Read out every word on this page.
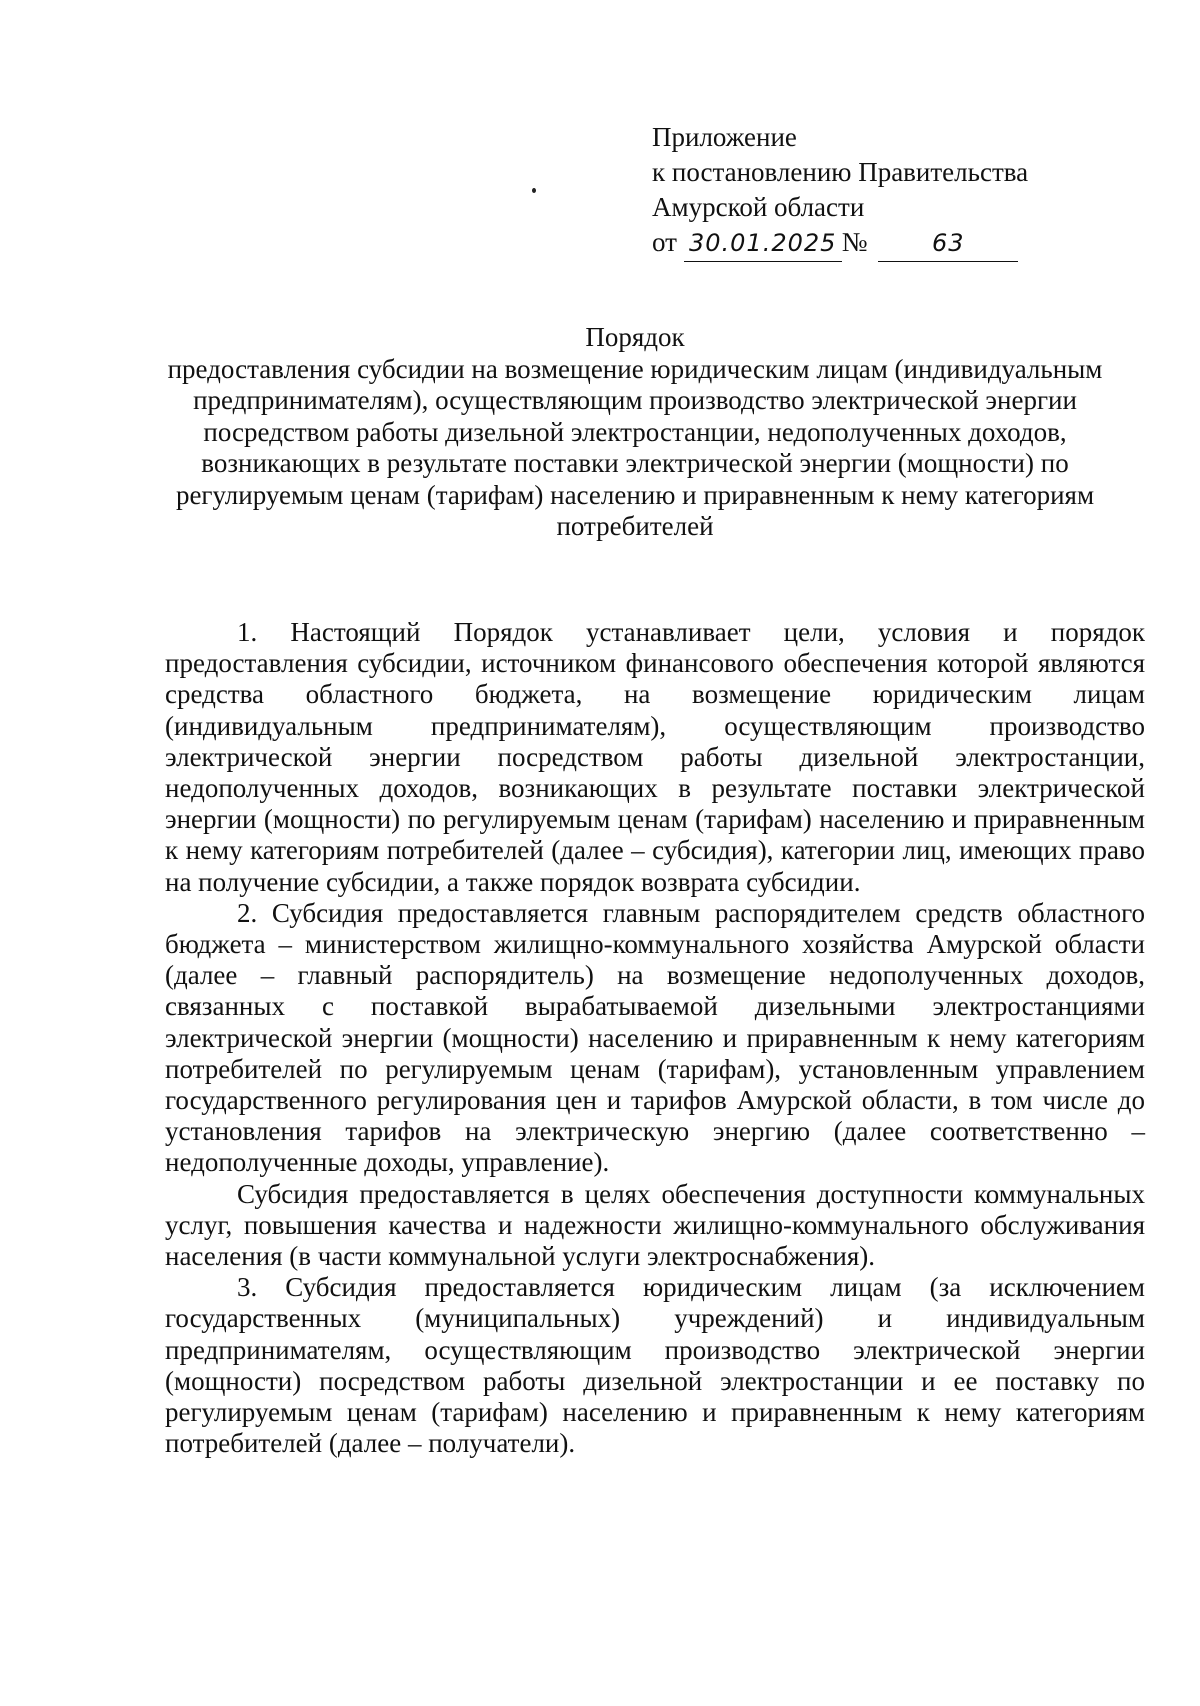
Приложение
к постановлению Правительства
Амурской области
от 30.01.2025 №	63
Порядок
предоставления субсидии на возмещение юридическим лицам (индивидуальным предпринимателям), осуществляющим производство электрической энергии посредством работы дизельной электростанции, недополученных доходов, возникающих в результате поставки электрической энергии (мощности) по регулируемым ценам (тарифам) населению и приравненным к нему категориям потребителей

1. Настоящий Порядок устанавливает цели, условия и порядок предоставления субсидии, источником финансового обеспечения которой являются средства областного бюджета, на возмещение юридическим лицам (индивидуальным предпринимателям), осуществляющим производство электрической энергии посредством работы дизельной электростанции, недополученных доходов, возникающих в результате поставки электрической энергии (мощности) по регулируемым ценам (тарифам) населению и приравненным к нему категориям потребителей (далее – субсидия), категории лиц, имеющих право на получение субсидии, а также порядок возврата субсидии.

2. Субсидия предоставляется главным распорядителем средств областного бюджета – министерством жилищно-коммунального хозяйства Амурской области (далее – главный распорядитель) на возмещение недополученных доходов, связанных с поставкой вырабатываемой дизельными электростанциями электрической энергии (мощности) населению и приравненным к нему категориям потребителей по регулируемым ценам (тарифам), установленным управлением государственного регулирования цен и тарифов Амурской области, в том числе до установления тарифов на электрическую энергию (далее соответственно – недополученные доходы, управление).

Субсидия предоставляется в целях обеспечения доступности коммунальных услуг, повышения качества и надежности жилищно-коммунального обслуживания населения (в части коммунальной услуги электроснабжения).

3. Субсидия предоставляется юридическим лицам (за исключением государственных (муниципальных) учреждений) и индивидуальным предпринимателям, осуществляющим производство электрической энергии (мощности) посредством работы дизельной электростанции и ее поставку по регулируемым ценам (тарифам) населению и приравненным к нему категориям потребителей (далее – получатели).
